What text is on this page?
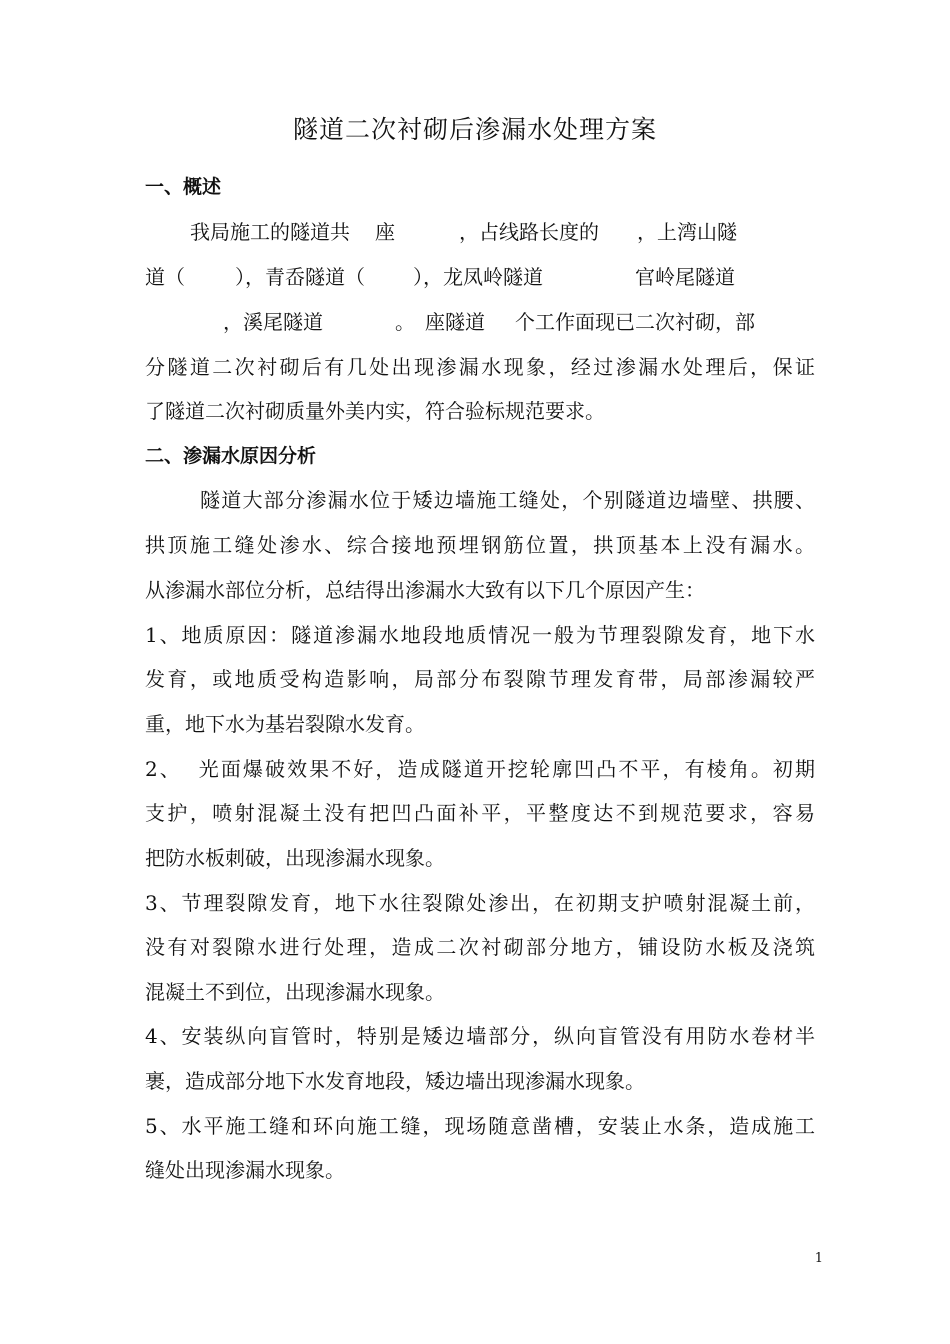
隧道二次衬砌后渗漏水处理方案
一、概述
我局施工的隧道共 座	，占线路长度的 ，上湾山隧
道（	），青岙隧道（ ），龙凤岭隧道	官岭尾隧道
，溪尾隧道	。 座隧道 个工作面现已二次衬砌，部
分隧道二次衬砌后有几处出现渗漏水现象，经过渗漏水处理后，保证
了隧道二次衬砌质量外美内实，符合验标规范要求。
二、渗漏水原因分析
隧道大部分渗漏水位于矮边墙施工缝处，个别隧道边墙壁、拱腰、
拱顶施工缝处渗水、综合接地预埋钢筋位置，拱顶基本上没有漏水。
从渗漏水部位分析，总结得出渗漏水大致有以下几个原因产生：
1、地质原因：隧道渗漏水地段地质情况一般为节理裂隙发育，地下水
发育，或地质受构造影响，局部分布裂隙节理发育带，局部渗漏较严
重，地下水为基岩裂隙水发育。
2、  光面爆破效果不好，造成隧道开挖轮廓凹凸不平，有棱角。初期
支护，喷射混凝土没有把凹凸面补平，平整度达不到规范要求，容易
把防水板刺破，出现渗漏水现象。
3、节理裂隙发育，地下水往裂隙处渗出，在初期支护喷射混凝土前，
没有对裂隙水进行处理，造成二次衬砌部分地方，铺设防水板及浇筑
混凝土不到位，出现渗漏水现象。
4、安装纵向盲管时，特别是矮边墙部分，纵向盲管没有用防水卷材半
裹，造成部分地下水发育地段，矮边墙出现渗漏水现象。
5、水平施工缝和环向施工缝，现场随意凿槽，安装止水条，造成施工
缝处出现渗漏水现象。
1
